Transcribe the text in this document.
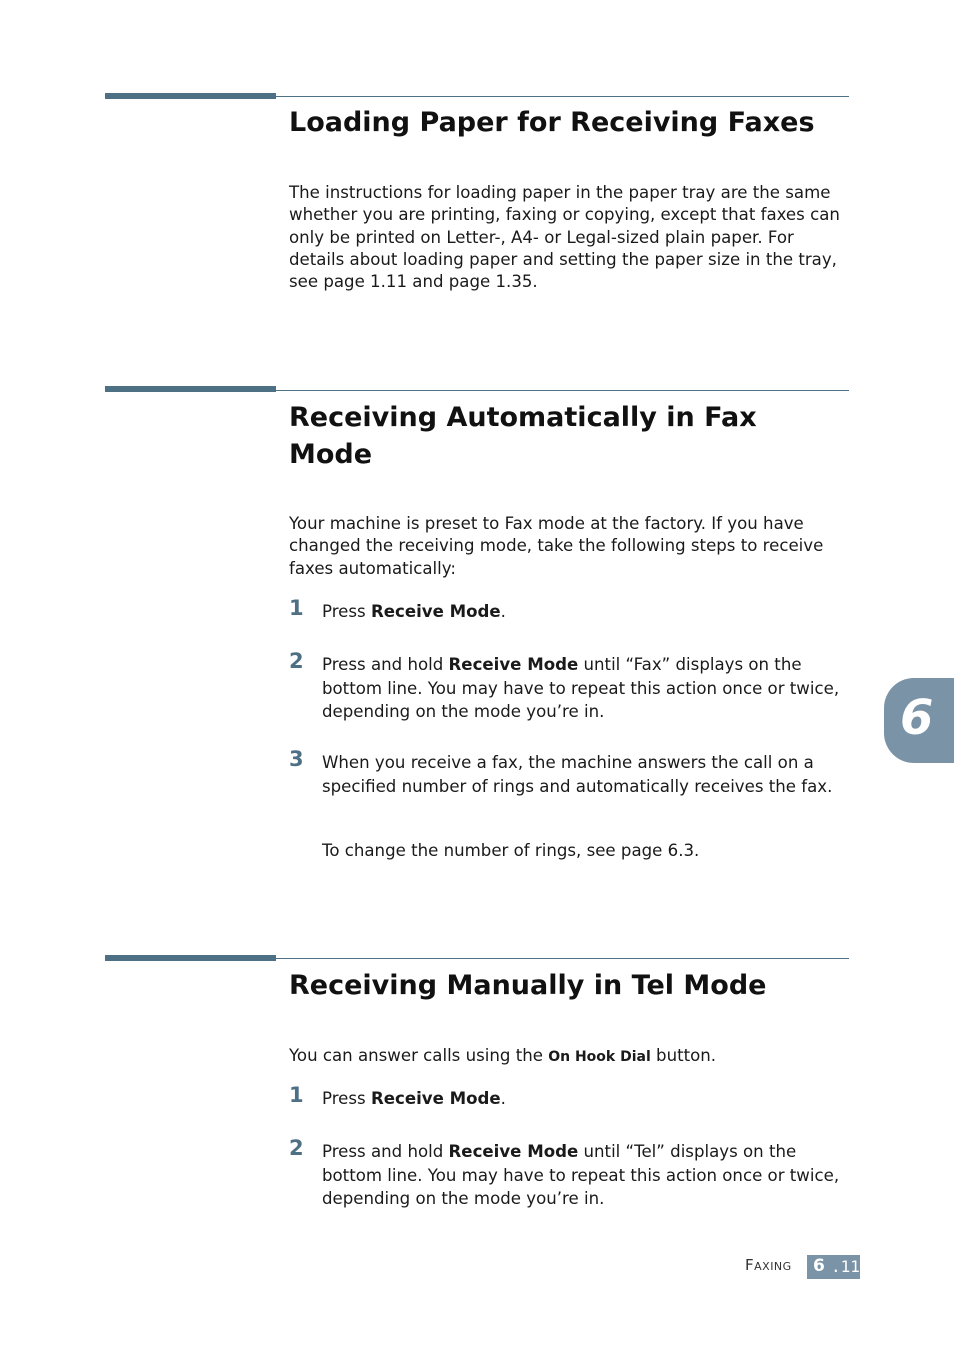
Loading Paper for Receiving Faxes

The instructions for loading paper in the paper tray are the same whether you are printing, faxing or copying, except that faxes can only be printed on Letter-, A4- or Legal-sized plain paper. For details about loading paper and setting the paper size in the tray, see page 1.11 and page 1.35.

Receiving Automatically in Fax Mode

Your machine is preset to Fax mode at the factory. If you have changed the receiving mode, take the following steps to receive faxes automatically:

1 Press Receive Mode.

2 Press and hold Receive Mode until “Fax” displays on the bottom line. You may have to repeat this action once or twice, depending on the mode you’re in.

3 When you receive a fax, the machine answers the call on a specified number of rings and automatically receives the fax.

To change the number of rings, see page 6.3.

Receiving Manually in Tel Mode

You can answer calls using the On Hook Dial button.

1 Press Receive Mode.

2 Press and hold Receive Mode until “Tel” displays on the bottom line. You may have to repeat this action once or twice, depending on the mode you’re in.

6
Faxing 6 .11
